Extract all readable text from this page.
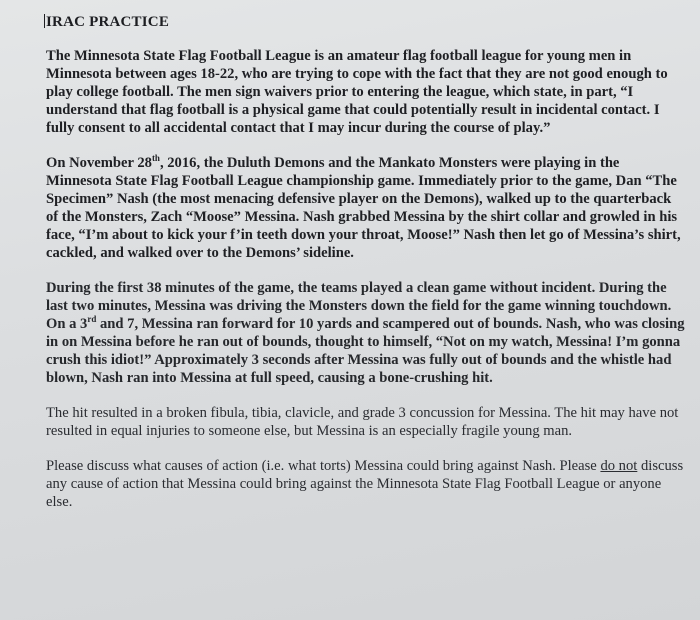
IRAC PRACTICE

The Minnesota State Flag Football League is an amateur flag football league for young men in Minnesota between ages 18-22, who are trying to cope with the fact that they are not good enough to play college football. The men sign waivers prior to entering the league, which state, in part, “I understand that flag football is a physical game that could potentially result in incidental contact. I fully consent to all accidental contact that I may incur during the course of play.”

On November 28th, 2016, the Duluth Demons and the Mankato Monsters were playing in the Minnesota State Flag Football League championship game. Immediately prior to the game, Dan “The Specimen” Nash (the most menacing defensive player on the Demons), walked up to the quarterback of the Monsters, Zach “Moose” Messina. Nash grabbed Messina by the shirt collar and growled in his face, “I’m about to kick your f’in teeth down your throat, Moose!” Nash then let go of Messina’s shirt, cackled, and walked over to the Demons’ sideline.

During the first 38 minutes of the game, the teams played a clean game without incident. During the last two minutes, Messina was driving the Monsters down the field for the game winning touchdown. On a 3rd and 7, Messina ran forward for 10 yards and scampered out of bounds. Nash, who was closing in on Messina before he ran out of bounds, thought to himself, “Not on my watch, Messina! I’m gonna crush this idiot!” Approximately 3 seconds after Messina was fully out of bounds and the whistle had blown, Nash ran into Messina at full speed, causing a bone-crushing hit.

The hit resulted in a broken fibula, tibia, clavicle, and grade 3 concussion for Messina. The hit may have not resulted in equal injuries to someone else, but Messina is an especially fragile young man.

Please discuss what causes of action (i.e. what torts) Messina could bring against Nash. Please do not discuss any cause of action that Messina could bring against the Minnesota State Flag Football League or anyone else.
